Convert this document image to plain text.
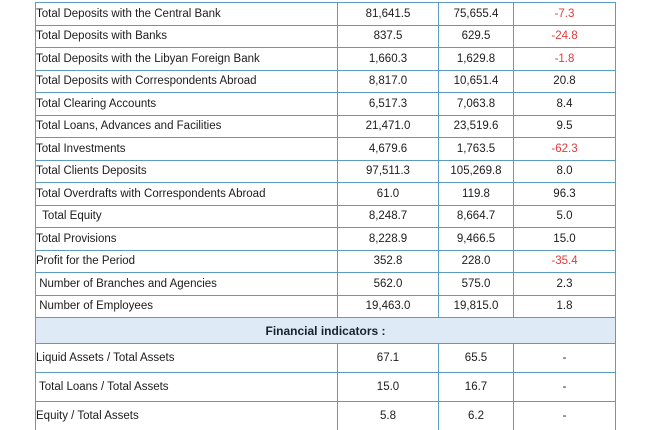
Total Deposits with the Central Bank	81,641.5	75,655.4	-7.3
Total Deposits with Banks	837.5	629.5	-24.8
Total Deposits with the Libyan Foreign Bank	1,660.3	1,629.8	-1.8
Total Deposits with Correspondents Abroad	8,817.0	10,651.4	20.8
Total Clearing Accounts	6,517.3	7,063.8	8.4
Total Loans, Advances and Facilities	21,471.0	23,519.6	9.5
Total Investments	4,679.6	1,763.5	-62.3
Total Clients Deposits	97,511.3	105,269.8	8.0
Total Overdrafts with Correspondents Abroad	61.0	119.8	96.3
Total Equity	8,248.7	8,664.7	5.0
Total Provisions	8,228.9	9,466.5	15.0
Profit for the Period	352.8	228.0	-35.4
Number of Branches and Agencies	562.0	575.0	2.3
Number of Employees	19,463.0	19,815.0	1.8
Financial indicators :			
Liquid Assets / Total Assets	67.1	65.5	-
Total Loans / Total Assets	15.0	16.7	-
Equity / Total Assets	5.8	6.2	-
